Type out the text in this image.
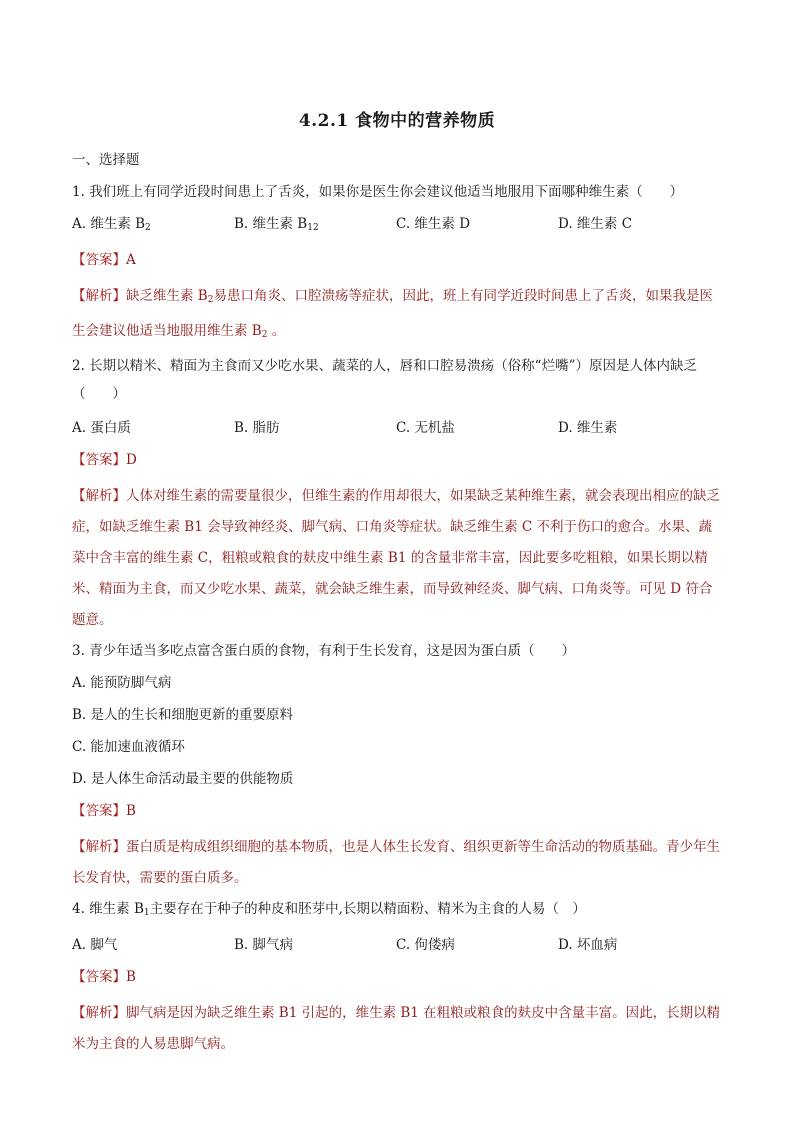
4.2.1 食物中的营养物质
一、选择题
1. 我们班上有同学近段时间患上了舌炎，如果你是医生你会建议他适当地服用下面哪种维生素（　　）
A. 维生素 $B_2$	B. 维生素 $B_{12}$	C. 维生素 D	D. 维生素 C
【答案】A
【解析】缺乏维生素 $B_2$易患口角炎、口腔溃疡等症状，因此，班上有同学近段时间患上了舌炎，如果我是医生会建议他适当地服用维生素 $B_2$ 。
2. 长期以精米、精面为主食而又少吃水果、蔬菜的人，唇和口腔易溃疡（俗称“烂嘴”）原因是人体内缺乏
（　　）
A. 蛋白质	B. 脂肪	C. 无机盐	D. 维生素
【答案】D
【解析】人体对维生素的需要量很少，但维生素的作用却很大，如果缺乏某种维生素，就会表现出相应的缺乏症，如缺乏维生素 B1 会导致神经炎、脚气病、口角炎等症状。缺乏维生素 C 不利于伤口的愈合。水果、蔬菜中含丰富的维生素 C，粗粮或粮食的麸皮中维生素 B1 的含量非常丰富，因此要多吃粗粮，如果长期以精米、精面为主食，而又少吃水果、蔬菜，就会缺乏维生素，而导致神经炎、脚气病、口角炎等。可见 D 符合题意。
3. 青少年适当多吃点富含蛋白质的食物，有利于生长发育，这是因为蛋白质（　　）
A. 能预防脚气病
B. 是人的生长和细胞更新的重要原料
C. 能加速血液循环
D. 是人体生命活动最主要的供能物质
【答案】B
【解析】蛋白质是构成组织细胞的基本物质，也是人体生长发育、组织更新等生命活动的物质基础。青少年生长发育快，需要的蛋白质多。
4. 维生素 $B_1$主要存在于种子的种皮和胚芽中,长期以精面粉、精米为主食的人易（　）
A. 脚气	B. 脚气病	C. 佝偻病	D. 坏血病
【答案】B
【解析】脚气病是因为缺乏维生素 B1 引起的，维生素 B1 在粗粮或粮食的麸皮中含量丰富。因此，长期以精米为主食的人易患脚气病。
